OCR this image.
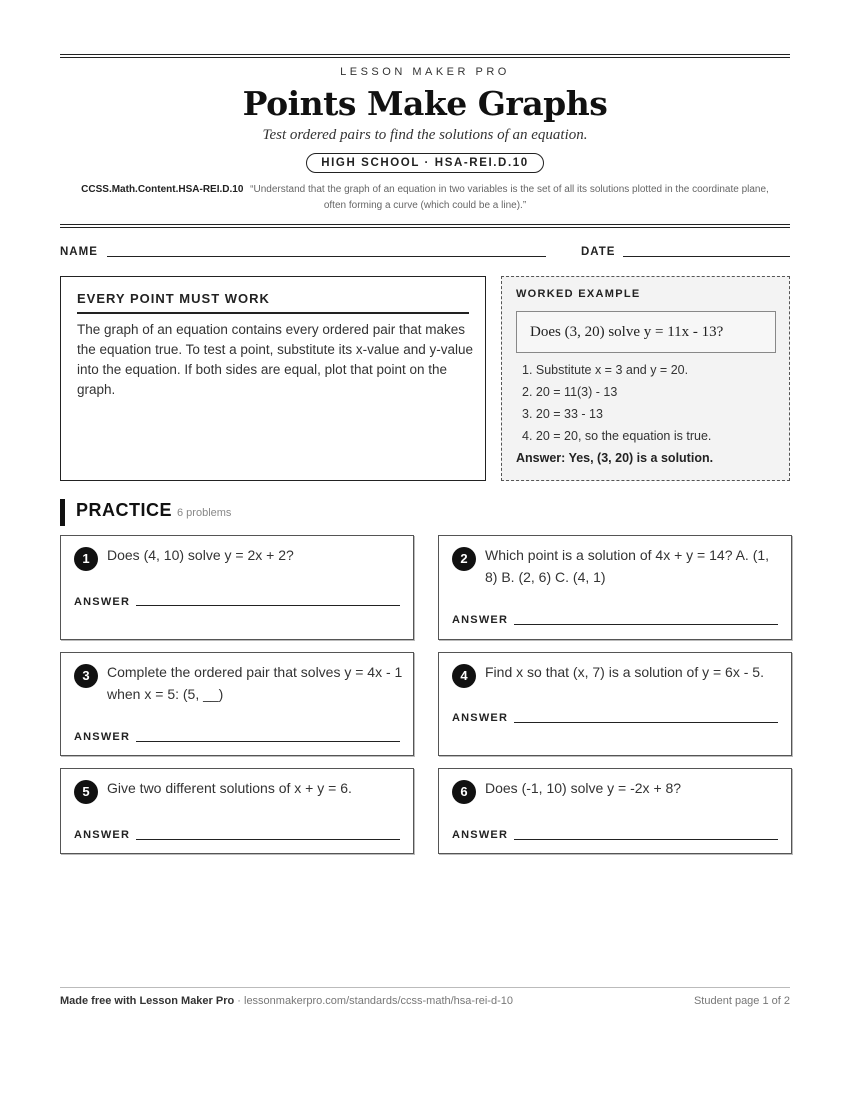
LESSON MAKER PRO
Points Make Graphs
Test ordered pairs to find the solutions of an equation.
HIGH SCHOOL · HSA-REI.D.10
CCSS.Math.Content.HSA-REI.D.10 “Understand that the graph of an equation in two variables is the set of all its solutions plotted in the coordinate plane, often forming a curve (which could be a line).”
NAME	DATE
EVERY POINT MUST WORK
The graph of an equation contains every ordered pair that makes the equation true. To test a point, substitute its x-value and y-value into the equation. If both sides are equal, plot that point on the graph.
WORKED EXAMPLE
Does (3, 20) solve y = 11x - 13?
1. Substitute x = 3 and y = 20.
2. 20 = 11(3) - 13
3. 20 = 33 - 13
4. 20 = 20, so the equation is true.
Answer: Yes, (3, 20) is a solution.
PRACTICE 6 problems
1	Does (4, 10) solve y = 2x + 2?
ANSWER
2	Which point is a solution of 4x + y = 14? A. (1, 8) B. (2, 6) C. (4, 1)
ANSWER
3	Complete the ordered pair that solves y = 4x - 1 when x = 5: (5, __)
ANSWER
4	Find x so that (x, 7) is a solution of y = 6x - 5.
ANSWER
5	Give two different solutions of x + y = 6.
ANSWER
6	Does (-1, 10) solve y = -2x + 8?
ANSWER
Made free with Lesson Maker Pro · lessonmakerpro.com/standards/ccss-math/hsa-rei-d-10	Student page 1 of 2
